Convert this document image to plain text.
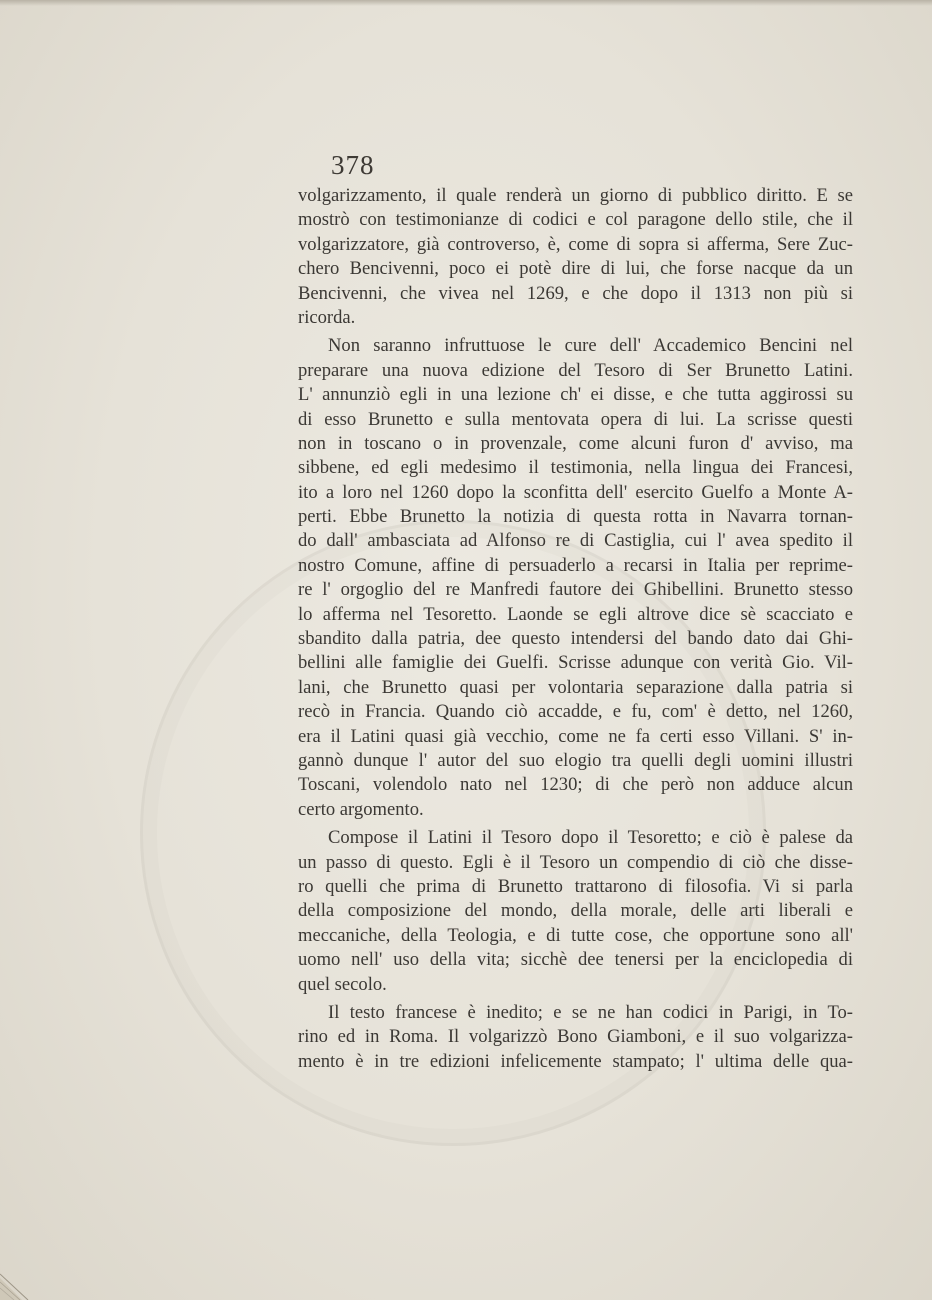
378
volgarizzamento, il quale renderà un giorno di pubblico diritto. E se
mostrò con testimonianze di codici e col paragone dello stile, che il
volgarizzatore, già controverso, è, come di sopra si afferma, Sere Zuc-
chero Bencivenni, poco ei potè dire di lui, che forse nacque da un
Bencivenni, che vivea nel 1269, e che dopo il 1313 non più si
ricorda.
Non saranno infruttuose le cure dell' Accademico Bencini nel
preparare una nuova edizione del Tesoro di Ser Brunetto Latini.
L' annunziò egli in una lezione ch' ei disse, e che tutta aggirossi su
di esso Brunetto e sulla mentovata opera di lui. La scrisse questi
non in toscano o in provenzale, come alcuni furon d' avviso, ma
sibbene, ed egli medesimo il testimonia, nella lingua dei Francesi,
ito a loro nel 1260 dopo la sconfitta dell' esercito Guelfo a Monte A-
perti. Ebbe Brunetto la notizia di questa rotta in Navarra tornan-
do dall' ambasciata ad Alfonso re di Castiglia, cui l' avea spedito il
nostro Comune, affine di persuaderlo a recarsi in Italia per reprime-
re l' orgoglio del re Manfredi fautore dei Ghibellini. Brunetto stesso
lo afferma nel Tesoretto. Laonde se egli altrove dice sè scacciato e
sbandito dalla patria, dee questo intendersi del bando dato dai Ghi-
bellini alle famiglie dei Guelfi. Scrisse adunque con verità Gio. Vil-
lani, che Brunetto quasi per volontaria separazione dalla patria si
recò in Francia. Quando ciò accadde, e fu, com' è detto, nel 1260,
era il Latini quasi già vecchio, come ne fa certi esso Villani. S' in-
gannò dunque l' autor del suo elogio tra quelli degli uomini illustri
Toscani, volendolo nato nel 1230; di che però non adduce alcun
certo argomento.
Compose il Latini il Tesoro dopo il Tesoretto; e ciò è palese da
un passo di questo. Egli è il Tesoro un compendio di ciò che disse-
ro quelli che prima di Brunetto trattarono di filosofia. Vi si parla
della composizione del mondo, della morale, delle arti liberali e
meccaniche, della Teologia, e di tutte cose, che opportune sono all'
uomo nell' uso della vita; sicchè dee tenersi per la enciclopedia di
quel secolo.
Il testo francese è inedito; e se ne han codici in Parigi, in To-
rino ed in Roma. Il volgarizzò Bono Giamboni, e il suo volgarizza-
mento è in tre edizioni infelicemente stampato; l' ultima delle qua-
